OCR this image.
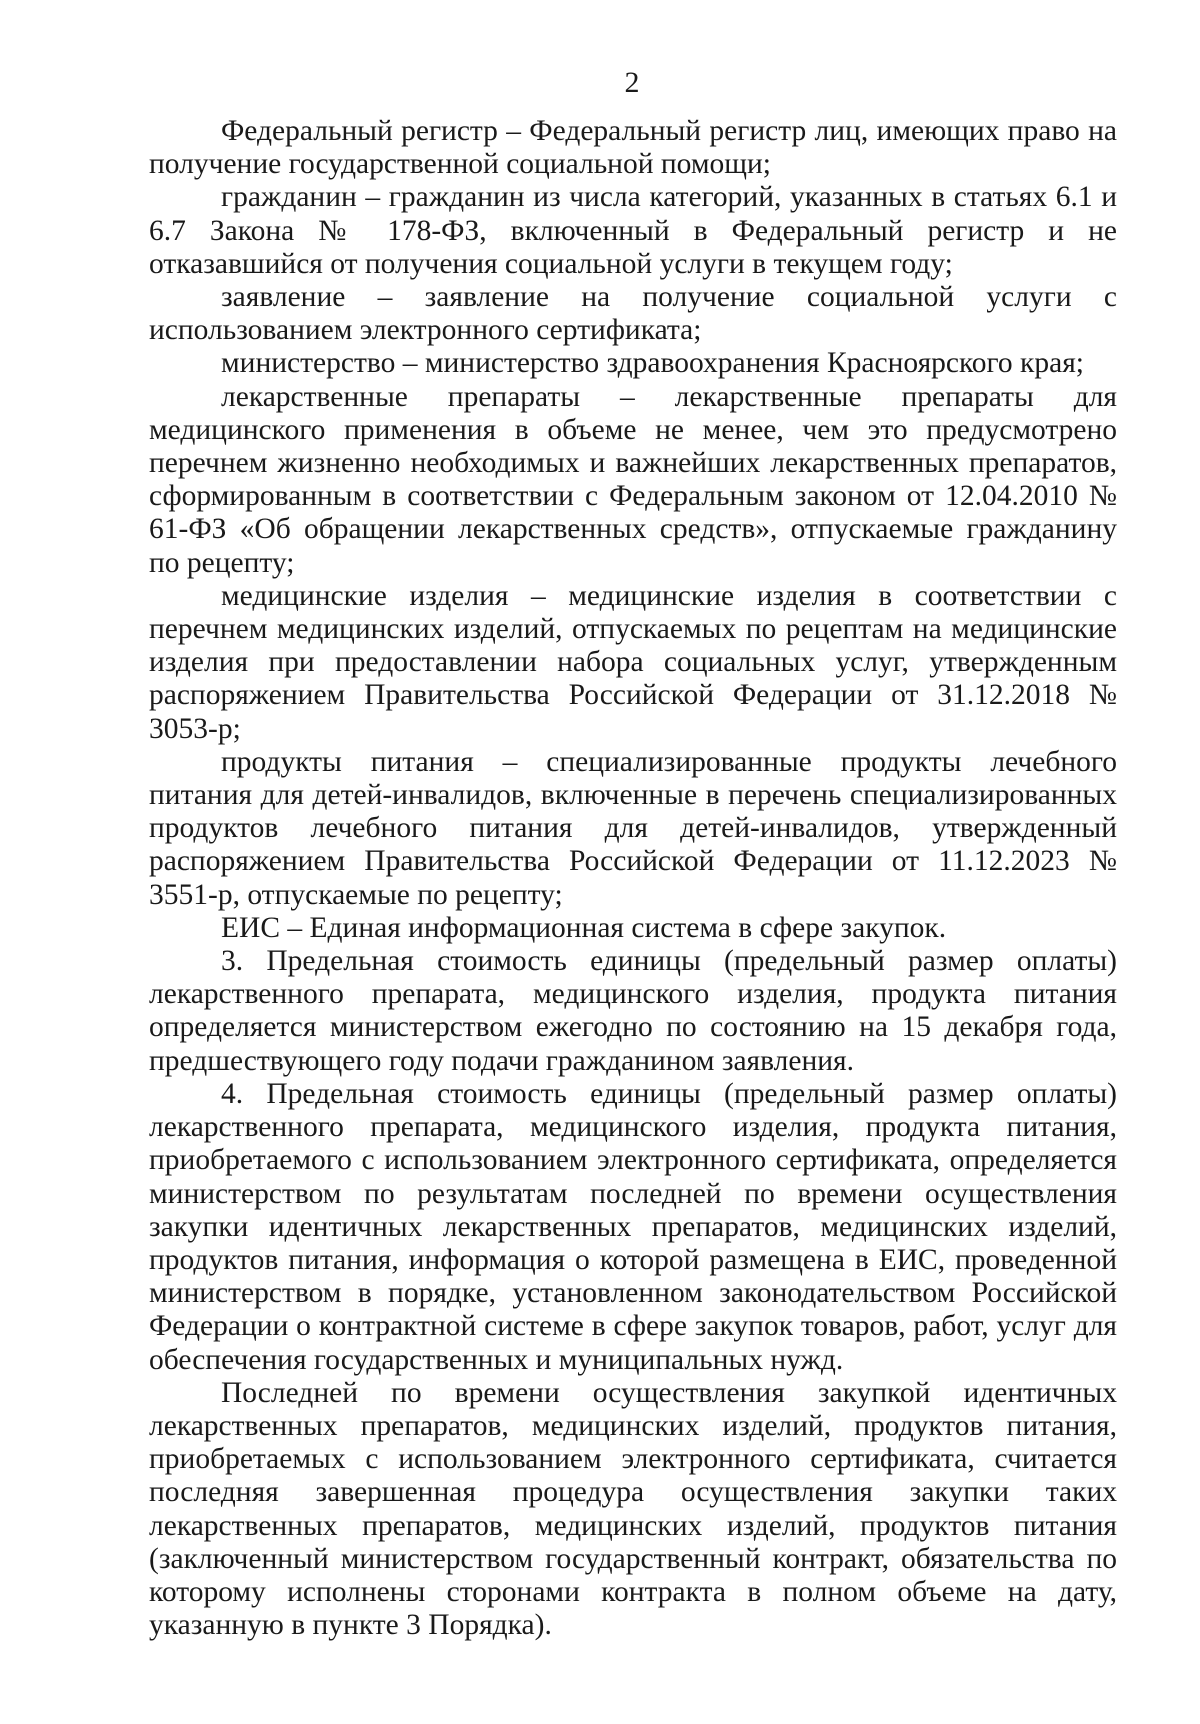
2

Федеральный регистр – Федеральный регистр лиц, имеющих право на получение государственной социальной помощи;

гражданин – гражданин из числа категорий, указанных в статьях 6.1 и 6.7 Закона № 178-ФЗ, включенный в Федеральный регистр и не отказавшийся от получения социальной услуги в текущем году;

заявление – заявление на получение социальной услуги с использованием электронного сертификата;

министерство – министерство здравоохранения Красноярского края;

лекарственные препараты – лекарственные препараты для медицинского применения в объеме не менее, чем это предусмотрено перечнем жизненно необходимых и важнейших лекарственных препаратов, сформированным в соответствии с Федеральным законом от 12.04.2010 № 61-ФЗ «Об обращении лекарственных средств», отпускаемые гражданину по рецепту;

медицинские изделия – медицинские изделия в соответствии с перечнем медицинских изделий, отпускаемых по рецептам на медицинские изделия при предоставлении набора социальных услуг, утвержденным распоряжением Правительства Российской Федерации от 31.12.2018 № 3053-р;

продукты питания – специализированные продукты лечебного питания для детей-инвалидов, включенные в перечень специализированных продуктов лечебного питания для детей-инвалидов, утвержденный распоряжением Правительства Российской Федерации от 11.12.2023 № 3551-р, отпускаемые по рецепту;

ЕИС – Единая информационная система в сфере закупок.

3. Предельная стоимость единицы (предельный размер оплаты) лекарственного препарата, медицинского изделия, продукта питания определяется министерством ежегодно по состоянию на 15 декабря года, предшествующего году подачи гражданином заявления.

4. Предельная стоимость единицы (предельный размер оплаты) лекарственного препарата, медицинского изделия, продукта питания, приобретаемого с использованием электронного сертификата, определяется министерством по результатам последней по времени осуществления закупки идентичных лекарственных препаратов, медицинских изделий, продуктов питания, информация о которой размещена в ЕИС, проведенной министерством в порядке, установленном законодательством Российской Федерации о контрактной системе в сфере закупок товаров, работ, услуг для обеспечения государственных и муниципальных нужд.

Последней по времени осуществления закупкой идентичных лекарственных препаратов, медицинских изделий, продуктов питания, приобретаемых с использованием электронного сертификата, считается последняя завершенная процедура осуществления закупки таких лекарственных препаратов, медицинских изделий, продуктов питания (заключенный министерством государственный контракт, обязательства по которому исполнены сторонами контракта в полном объеме на дату, указанную в пункте 3 Порядка).
